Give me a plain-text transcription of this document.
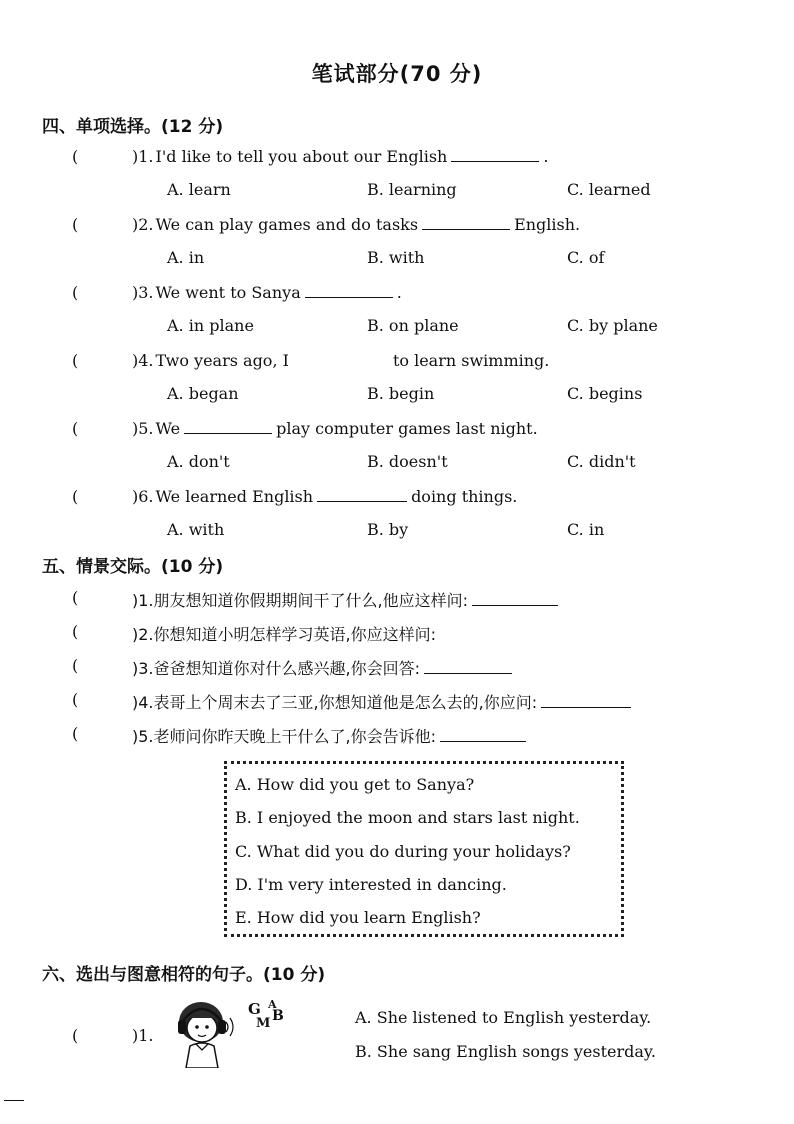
笔试部分(70 分)
四、单项选择。(12 分)
(	)1. I'd like to tell you about our English	.
A. learn	B. learning	C. learned
(	)2. We can play games and do tasks	English.
A. in	B. with	C. of
(	)3. We went to Sanya	.
A. in plane	B. on plane	C. by plane
(	)4. Two years ago, I	to learn swimming.
A. began	B. begin	C. begins
(	)5. We	play computer games last night.
A. don't	B. doesn't	C. didn't
(	)6. We learned English	doing things.
A. with	B. by	C. in
五、情景交际。(10 分)
(	)1.朋友想知道你假期期间干了什么,他应这样问:
(	)2.你想知道小明怎样学习英语,你应这样问:
(	)3.爸爸想知道你对什么感兴趣,你会回答:
(	)4.表哥上个周末去了三亚,你想知道他是怎么去的,你应问:
(	)5.老师问你昨天晚上干什么了,你会告诉他:
A. How did you get to Sanya?
B. I enjoyed the moon and stars last night.
C. What did you do during your holidays?
D. I'm very interested in dancing.
E. How did you learn English?
六、选出与图意相符的句子。(10 分)
(	)1.
G A
B
M	A. She listened to English yesterday.
B. She sang English songs yesterday.
